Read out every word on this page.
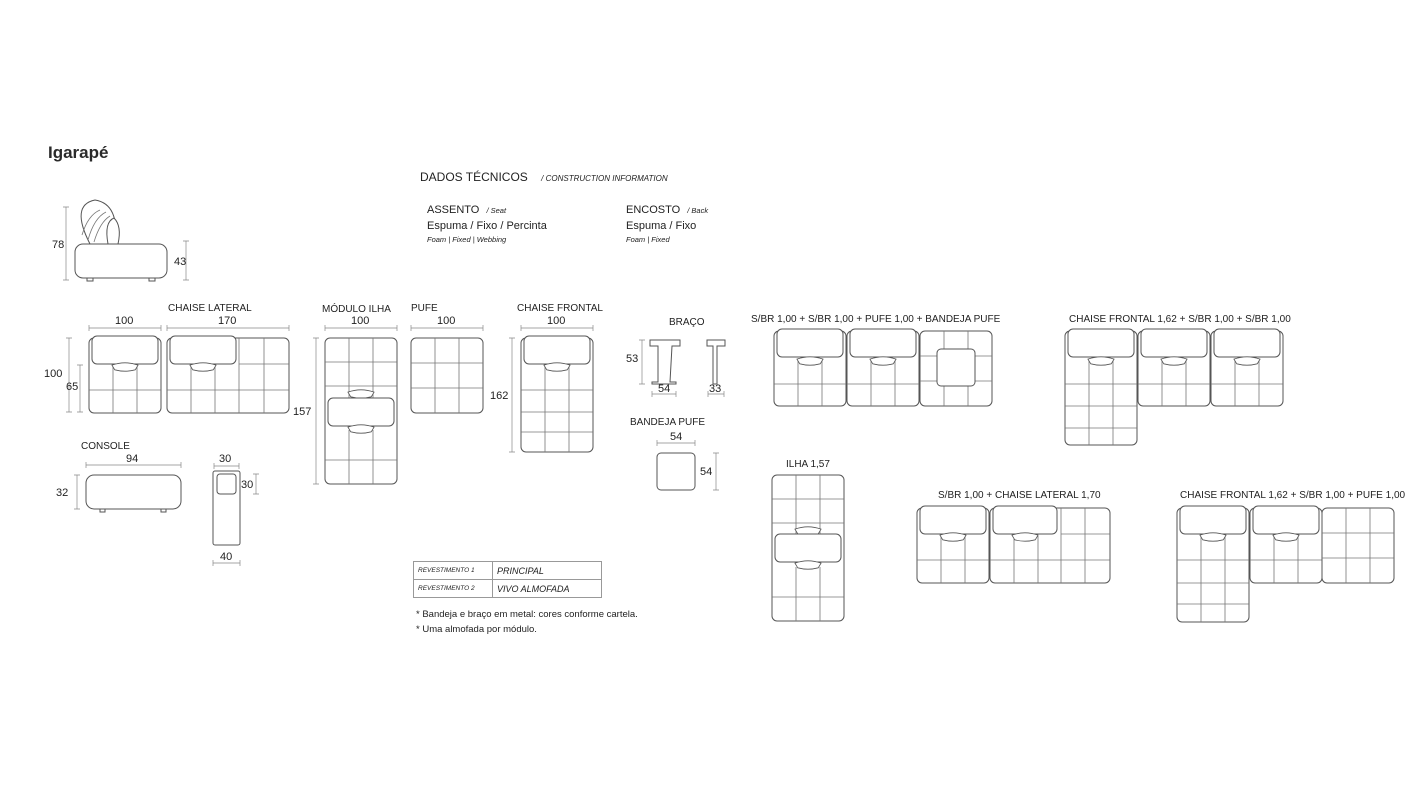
Igarapé
DADOS TÉCNICOS / CONSTRUCTION INFORMATION
ASSENTO / Seat
Espuma / Fixo / Percinta
Foam | Fixed | Webbing
ENCOSTO / Back
Espuma / Fixo
Foam | Fixed
REVESTIMENTO 1	PRINCIPAL
REVESTIMENTO 2	VIVO ALMOFADA
* Bandeja e braço em metal: cores conforme cartela.
* Uma almofada por módulo.
78
43
CHAISE LATERAL
100	170
100
65
MÓDULO ILHA
100
157
PUFE
100
CHAISE FRONTAL
100
162
BRAÇO
53
54	33
BANDEJA PUFE
54
54
CONSOLE
94
32
30
30
40
S/BR 1,00 + S/BR 1,00 + PUFE 1,00 + BANDEJA PUFE	CHAISE FRONTAL 1,62 + S/BR 1,00 + S/BR 1,00
ILHA 1,57
S/BR 1,00 + CHAISE LATERAL 1,70	CHAISE FRONTAL 1,62 + S/BR 1,00 + PUFE 1,00
